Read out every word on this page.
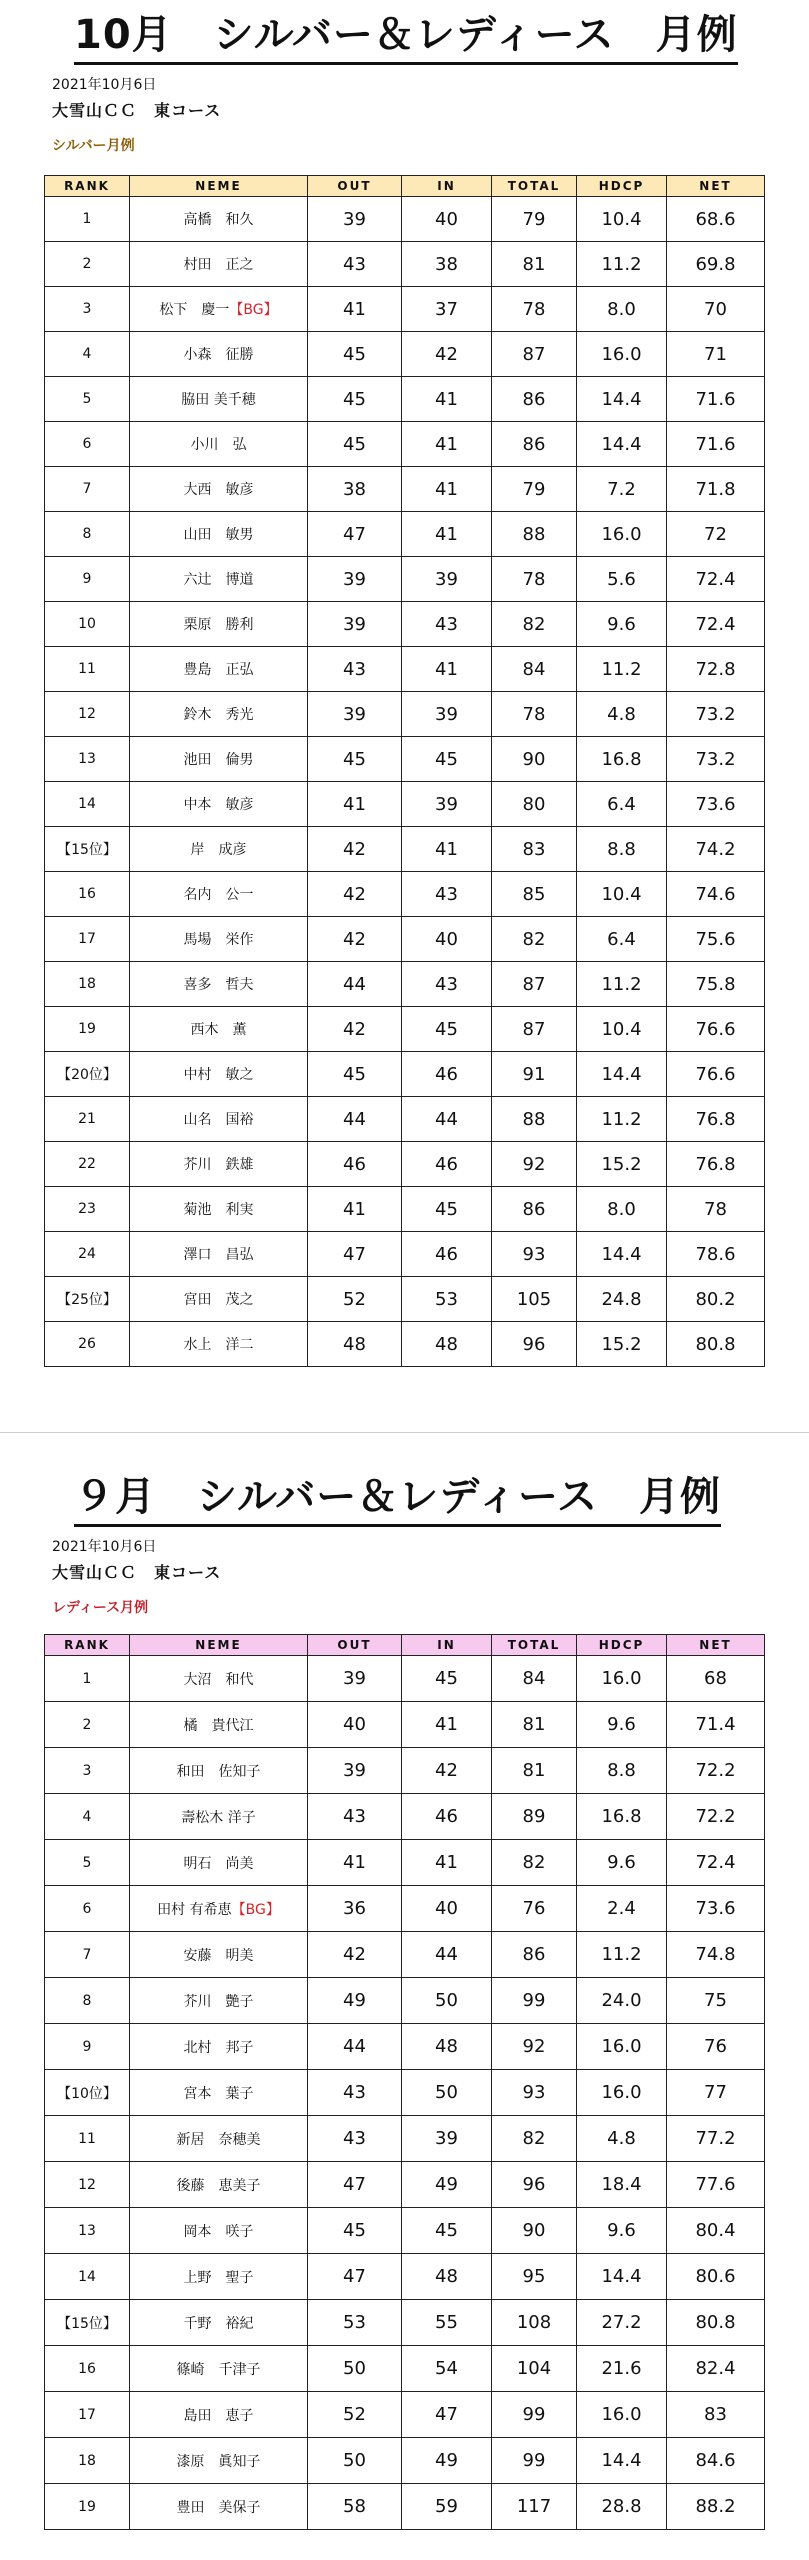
10月　シルバー＆レディース　月例
2021年10月6日
大雪山ＣＣ　東コース
シルバー月例
RANK	NEME	OUT	IN	TOTAL	HDCP	NET
1	高橋　和久	39	40	79	10.4	68.6
2	村田　正之	43	38	81	11.2	69.8
3	松下　慶一【BG】	41	37	78	8.0	70
4	小森　征勝	45	42	87	16.0	71
5	脇田 美千穂	45	41	86	14.4	71.6
6	小川　弘	45	41	86	14.4	71.6
7	大西　敏彦	38	41	79	7.2	71.8
8	山田　敏男	47	41	88	16.0	72
9	六辻　博道	39	39	78	5.6	72.4
10	栗原　勝利	39	43	82	9.6	72.4
11	豊島　正弘	43	41	84	11.2	72.8
12	鈴木　秀光	39	39	78	4.8	73.2
13	池田　倫男	45	45	90	16.8	73.2
14	中本　敏彦	41	39	80	6.4	73.6
【15位】	岸　成彦	42	41	83	8.8	74.2
16	名内　公一	42	43	85	10.4	74.6
17	馬場　栄作	42	40	82	6.4	75.6
18	喜多　哲夫	44	43	87	11.2	75.8
19	西木　薫	42	45	87	10.4	76.6
【20位】	中村　敏之	45	46	91	14.4	76.6
21	山名　国裕	44	44	88	11.2	76.8
22	芥川　鉄雄	46	46	92	15.2	76.8
23	菊池　利実	41	45	86	8.0	78
24	澤口　昌弘	47	46	93	14.4	78.6
【25位】	宮田　茂之	52	53	105	24.8	80.2
26	水上　洋二	48	48	96	15.2	80.8
９月　シルバー＆レディース　月例
2021年10月6日
大雪山ＣＣ　東コース
レディース月例
RANK	NEME	OUT	IN	TOTAL	HDCP	NET
1	大沼　和代	39	45	84	16.0	68
2	橘　貴代江	40	41	81	9.6	71.4
3	和田　佐知子	39	42	81	8.8	72.2
4	壽松木 洋子	43	46	89	16.8	72.2
5	明石　尚美	41	41	82	9.6	72.4
6	田村 有希恵【BG】	36	40	76	2.4	73.6
7	安藤　明美	42	44	86	11.2	74.8
8	芥川　艶子	49	50	99	24.0	75
9	北村　邦子	44	48	92	16.0	76
【10位】	宮本　葉子	43	50	93	16.0	77
11	新居　奈穂美	43	39	82	4.8	77.2
12	後藤　恵美子	47	49	96	18.4	77.6
13	岡本　咲子	45	45	90	9.6	80.4
14	上野　聖子	47	48	95	14.4	80.6
【15位】	千野　裕紀	53	55	108	27.2	80.8
16	篠崎　千津子	50	54	104	21.6	82.4
17	島田　恵子	52	47	99	16.0	83
18	漆原　眞知子	50	49	99	14.4	84.6
19	豊田　美保子	58	59	117	28.8	88.2
